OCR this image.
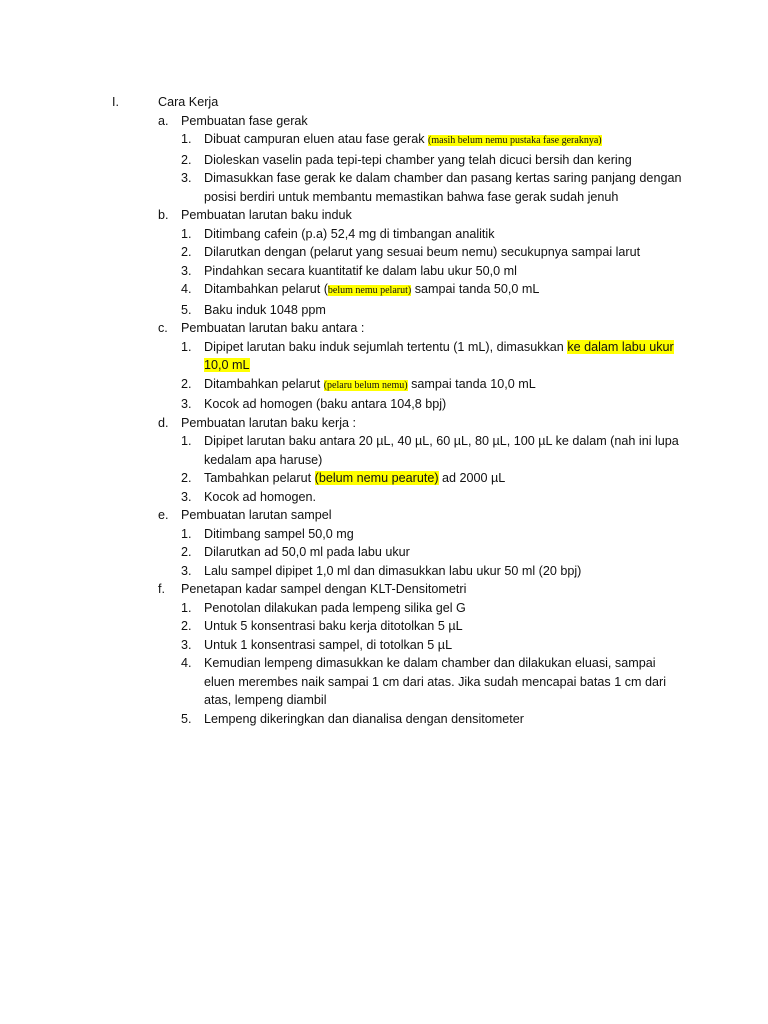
I.	Cara Kerja
a. Pembuatan fase gerak
1. Dibuat campuran eluen atau fase gerak (masih belum nemu pustaka fase geraknya)
2. Dioleskan vaselin pada tepi-tepi chamber yang telah dicuci bersih dan kering
3. Dimasukkan fase gerak ke dalam chamber dan pasang kertas saring panjang dengan posisi berdiri untuk membantu memastikan bahwa fase gerak sudah jenuh
b. Pembuatan larutan baku induk
1. Ditimbang cafein (p.a) 52,4 mg di timbangan analitik
2. Dilarutkan dengan (pelarut yang sesuai beum nemu) secukupnya sampai larut
3. Pindahkan secara kuantitatif ke dalam labu ukur 50,0 ml
4. Ditambahkan pelarut (belum nemu pelarut) sampai tanda 50,0 mL
5. Baku induk 1048 ppm
c. Pembuatan larutan baku antara :
1. Dipipet larutan baku induk sejumlah tertentu (1 mL), dimasukkan ke dalam labu ukur 10,0 mL
2. Ditambahkan pelarut (pelaru belum nemu) sampai tanda 10,0 mL
3. Kocok ad homogen (baku antara 104,8 bpj)
d. Pembuatan larutan baku kerja :
1. Dipipet larutan baku antara 20 µL, 40 µL, 60 µL, 80 µL, 100 µL ke dalam (nah ini lupa kedalam apa haruse)
2. Tambahkan pelarut (belum nemu pearute) ad 2000 µL
3. Kocok ad homogen.
e. Pembuatan larutan sampel
1. Ditimbang sampel 50,0 mg
2. Dilarutkan ad 50,0 ml pada labu ukur
3. Lalu sampel dipipet 1,0 ml dan dimasukkan labu ukur 50 ml (20 bpj)
f. Penetapan kadar sampel dengan KLT-Densitometri
1. Penotolan dilakukan pada lempeng silika gel G
2. Untuk 5 konsentrasi baku kerja ditotolkan 5 µL
3. Untuk 1 konsentrasi sampel, di totolkan 5 µL
4. Kemudian lempeng dimasukkan ke dalam chamber dan dilakukan eluasi, sampai eluen merembes naik sampai 1 cm dari atas. Jika sudah mencapai batas 1 cm dari atas, lempeng diambil
5. Lempeng dikeringkan dan dianalisa dengan densitometer
